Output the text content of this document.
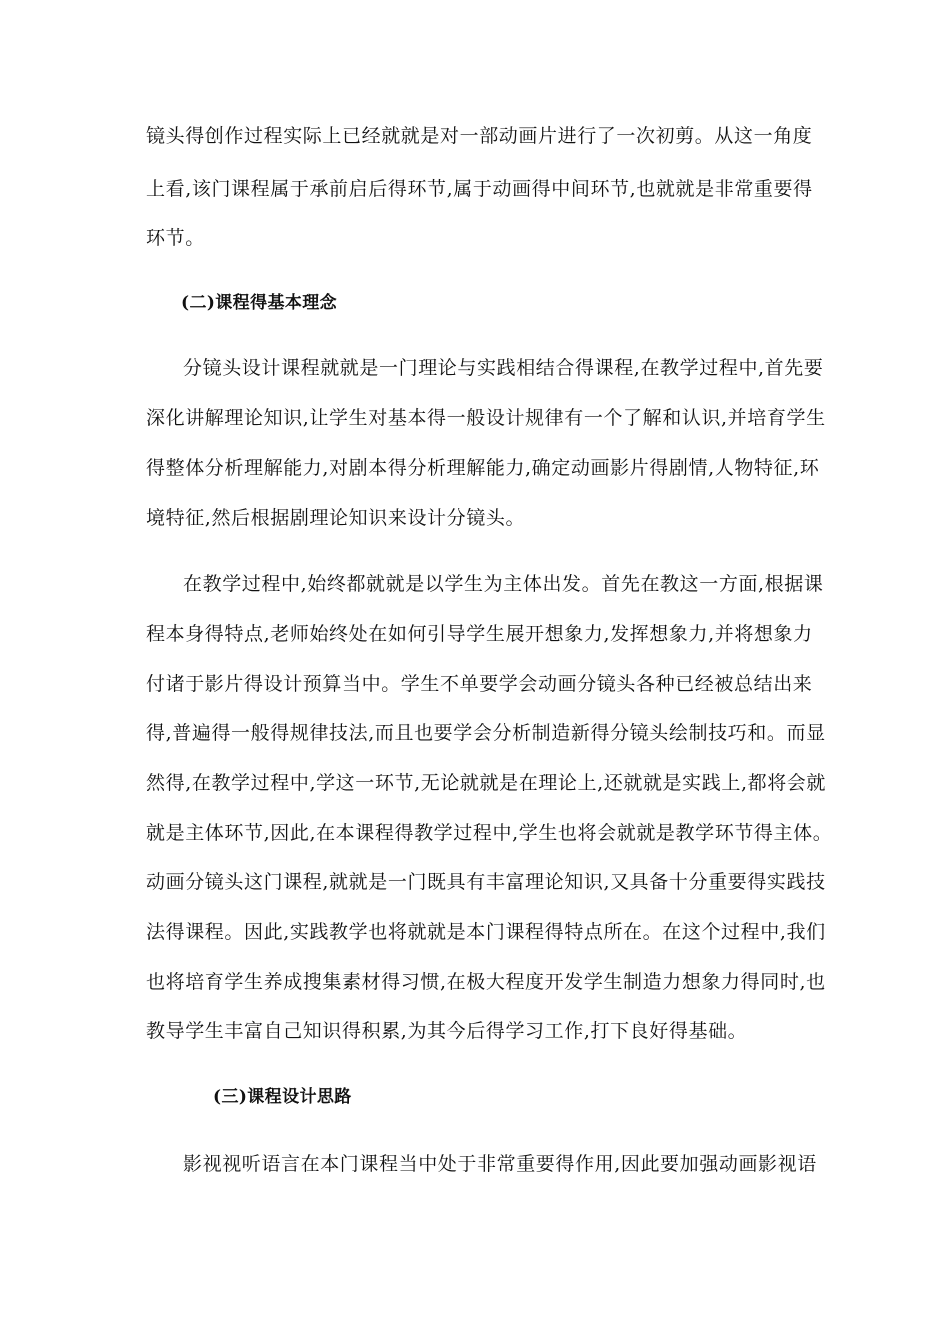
镜头得创作过程实际上已经就就是对一部动画片进行了一次初剪。从这一角度
上看,该门课程属于承前启后得环节,属于动画得中间环节,也就就是非常重要得
环节。
(二)课程得基本理念
分镜头设计课程就就是一门理论与实践相结合得课程,在教学过程中,首先要
深化讲解理论知识,让学生对基本得一般设计规律有一个了解和认识,并培育学生
得整体分析理解能力,对剧本得分析理解能力,确定动画影片得剧情,人物特征,环
境特征,然后根据剧理论知识来设计分镜头。
在教学过程中,始终都就就是以学生为主体出发。首先在教这一方面,根据课
程本身得特点,老师始终处在如何引导学生展开想象力,发挥想象力,并将想象力
付诸于影片得设计预算当中。学生不单要学会动画分镜头各种已经被总结出来
得,普遍得一般得规律技法,而且也要学会分析制造新得分镜头绘制技巧和。而显
然得,在教学过程中,学这一环节,无论就就是在理论上,还就就是实践上,都将会就
就是主体环节,因此,在本课程得教学过程中,学生也将会就就是教学环节得主体。
动画分镜头这门课程,就就是一门既具有丰富理论知识,又具备十分重要得实践技
法得课程。因此,实践教学也将就就是本门课程得特点所在。在这个过程中,我们
也将培育学生养成搜集素材得习惯,在极大程度开发学生制造力想象力得同时,也
教导学生丰富自己知识得积累,为其今后得学习工作,打下良好得基础。
(三)课程设计思路
影视视听语言在本门课程当中处于非常重要得作用,因此要加强动画影视语
